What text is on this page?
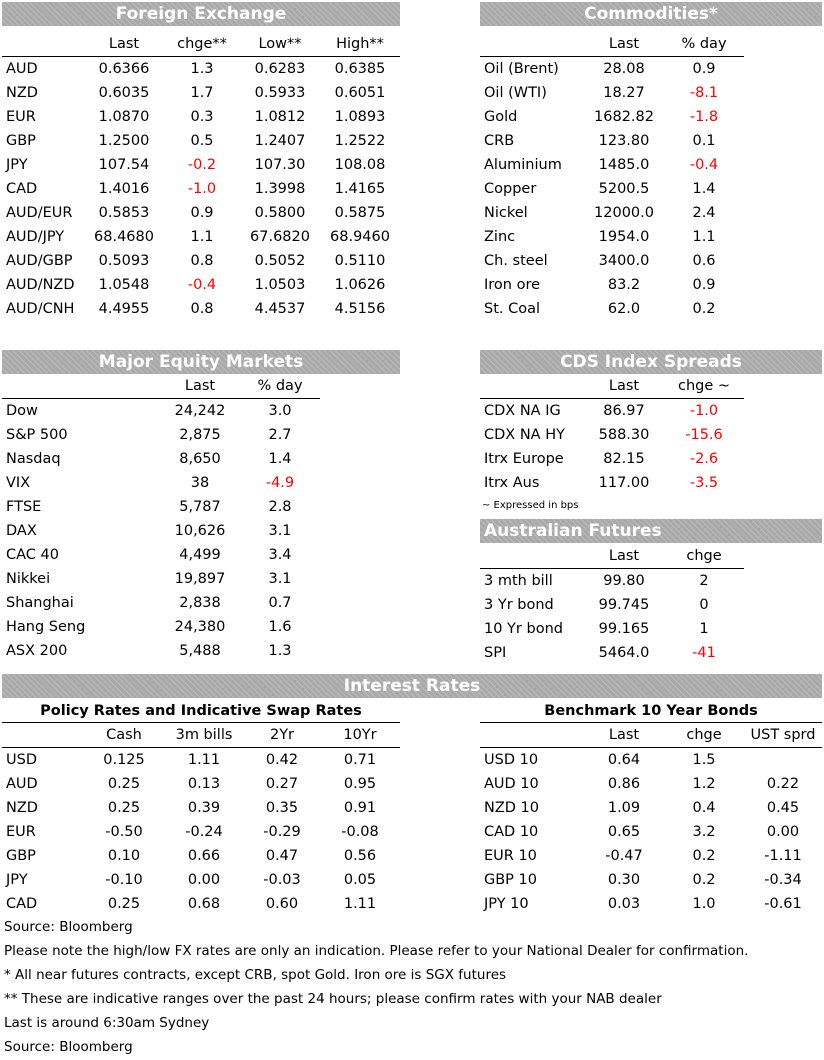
Foreign Exchange
	Last	chge**	Low**	High**
AUD	0.6366	1.3	0.6283	0.6385
NZD	0.6035	1.7	0.5933	0.6051
EUR	1.0870	0.3	1.0812	1.0893
GBP	1.2500	0.5	1.2407	1.2522
JPY	107.54	-0.2	107.30	108.08
CAD	1.4016	-1.0	1.3998	1.4165
AUD/EUR	0.5853	0.9	0.5800	0.5875
AUD/JPY	68.4680	1.1	67.6820	68.9460
AUD/GBP	0.5093	0.8	0.5052	0.5110
AUD/NZD	1.0548	-0.4	1.0503	1.0626
AUD/CNH	4.4955	0.8	4.4537	4.5156
Commodities*
	Last	% day
Oil (Brent)	28.08	0.9
Oil (WTI)	18.27	-8.1
Gold	1682.82	-1.8
CRB	123.80	0.1
Aluminium	1485.0	-0.4
Copper	5200.5	1.4
Nickel	12000.0	2.4
Zinc	1954.0	1.1
Ch. steel	3400.0	0.6
Iron ore	83.2	0.9
St. Coal	62.0	0.2
Major Equity Markets
	Last	% day
Dow	24,242	3.0
S&P 500	2,875	2.7
Nasdaq	8,650	1.4
VIX	38	-4.9
FTSE	5,787	2.8
DAX	10,626	3.1
CAC 40	4,499	3.4
Nikkei	19,897	3.1
Shanghai	2,838	0.7
Hang Seng	24,380	1.6
ASX 200	5,488	1.3
CDS Index Spreads
	Last	chge ~
CDX NA IG	86.97	-1.0
CDX NA HY	588.30	-15.6
Itrx Europe	82.15	-2.6
Itrx Aus	117.00	-3.5
~ Expressed in bps
Australian Futures
	Last	chge
3 mth bill	99.80	2
3 Yr bond	99.745	0
10 Yr bond	99.165	1
SPI	5464.0	-41
Interest Rates
Policy Rates and Indicative Swap Rates
	Cash	3m bills	2Yr	10Yr
USD	0.125	1.11	0.42	0.71
AUD	0.25	0.13	0.27	0.95
NZD	0.25	0.39	0.35	0.91
EUR	-0.50	-0.24	-0.29	-0.08
GBP	0.10	0.66	0.47	0.56
JPY	-0.10	0.00	-0.03	0.05
CAD	0.25	0.68	0.60	1.11
Benchmark 10 Year Bonds
	Last	chge	UST sprd
USD 10	0.64	1.5	
AUD 10	0.86	1.2	0.22
NZD 10	1.09	0.4	0.45
CAD 10	0.65	3.2	0.00
EUR 10	-0.47	0.2	-1.11
GBP 10	0.30	0.2	-0.34
JPY 10	0.03	1.0	-0.61
Source: Bloomberg
Please note the high/low FX rates are only an indication. Please refer to your National Dealer for confirmation.
* All near futures contracts, except CRB, spot Gold. Iron ore is SGX futures
** These are indicative ranges over the past 24 hours; please confirm rates with your NAB dealer
Last is around 6:30am Sydney
Source: Bloomberg
